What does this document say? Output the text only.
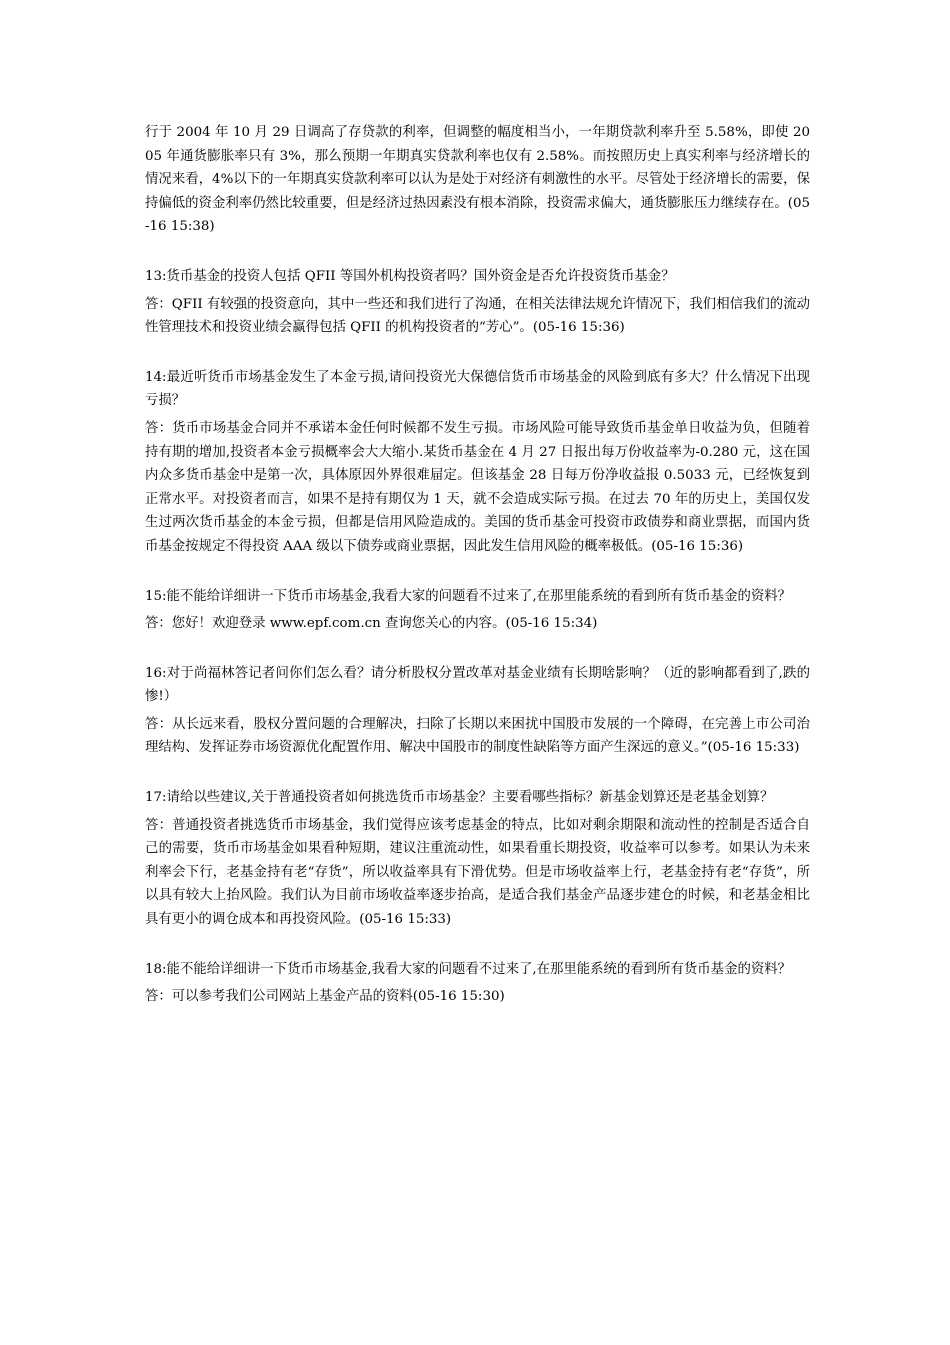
行于 2004 年 10 月 29 日调高了存贷款的利率，但调整的幅度相当小，一年期贷款利率升至 5.58%，即使 2005 年通货膨胀率只有 3%，那么预期一年期真实贷款利率也仅有 2.58%。而按照历史上真实利率与经济增长的情况来看，4%以下的一年期真实贷款利率可以认为是处于对经济有刺激性的水平。尽管处于经济增长的需要，保持偏低的资金利率仍然比较重要，但是经济过热因素没有根本消除，投资需求偏大，通货膨胀压力继续存在。(05-16 15:38)

13:货币基金的投资人包括 QFII 等国外机构投资者吗？国外资金是否允许投资货币基金？

答：QFII 有较强的投资意向，其中一些还和我们进行了沟通，在相关法律法规允许情况下，我们相信我们的流动性管理技术和投资业绩会赢得包括 QFII 的机构投资者的“芳心”。(05-16 15:36)

14:最近听货币市场基金发生了本金亏损,请问投资光大保德信货币市场基金的风险到底有多大？什么情况下出现亏损？

答：货币市场基金合同并不承诺本金任何时候都不发生亏损。市场风险可能导致货币基金单日收益为负，但随着持有期的增加,投资者本金亏损概率会大大缩小.某货币基金在 4 月 27 日报出每万份收益率为-0.280 元，这在国内众多货币基金中是第一次，具体原因外界很难屇定。但该基金 28 日每万份净收益报 0.5033 元，已经恢复到正常水平。对投资者而言，如果不是持有期仅为 1 天，就不会造成实际亏损。在过去 70 年的历史上，美国仅发生过两次货币基金的本金亏损，但都是信用风险造成的。美国的货币基金可投资市政债券和商业票据，而国内货币基金按规定不得投资 AAA 级以下债券或商业票据，因此发生信用风险的概率极低。(05-16 15:36)

15:能不能给详细讲一下货币市场基金,我看大家的问题看不过来了,在那里能系统的看到所有货币基金的资料？

答：您好！欢迎登录 www.epf.com.cn 查询您关心的内容。(05-16 15:34)

16:对于尚福林答记者问你们怎么看？请分析股权分置改革对基金业绩有长期啥影响？（近的影响都看到了,跌的惨!）

答：从长远来看，股权分置问题的合理解决，扫除了长期以来困扰中国股市发展的一个障碍，在完善上市公司治理结构、发挥证券市场资源优化配置作用、解决中国股市的制度性缺陷等方面产生深远的意义。”(05-16 15:33)

17:请给以些建议,关于普通投资者如何挑选货币市场基金？主要看哪些指标？新基金划算还是老基金划算？

答：普通投资者挑选货币市场基金，我们觉得应该考虑基金的特点，比如对剩余期限和流动性的控制是否适合自己的需要，货币市场基金如果看种短期，建议注重流动性，如果看重长期投资，收益率可以参考。如果认为未来利率会下行，老基金持有老“存货”，所以收益率具有下滑优势。但是市场收益率上行，老基金持有老“存货”，所以具有较大上抬风险。我们认为目前市场收益率逐步抬高，是适合我们基金产品逐步建仓的时候，和老基金相比具有更小的调仓成本和再投资风险。(05-16 15:33)

18:能不能给详细讲一下货币市场基金,我看大家的问题看不过来了,在那里能系统的看到所有货币基金的资料？

答：可以参考我们公司网站上基金产品的资料(05-16 15:30)
